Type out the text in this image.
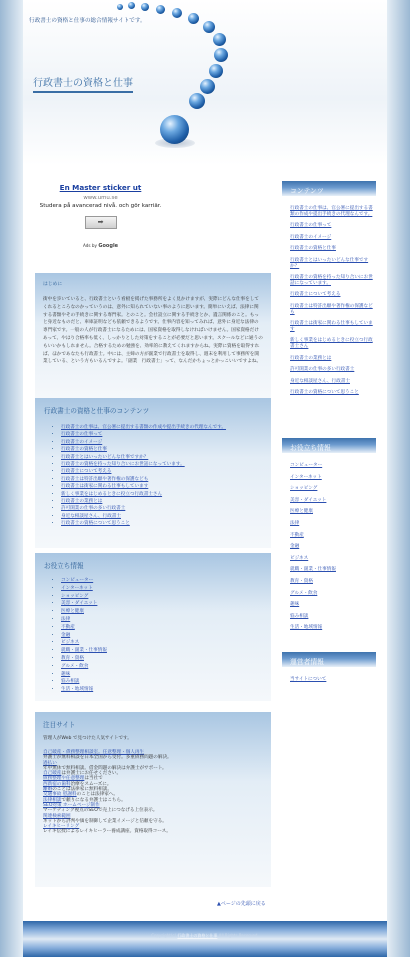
行政書士の資格と仕事の総合情報サイトです。
行政書士の資格と仕事
En Master sticker ut
www.umu.se
Studera på avancerad nivå. och gör karriär.
➡
Ads by Google
はじめに

街中を歩いていると、行政書士という看板を掲げた事務所をよく見かけますが、実際にどんな仕事をしてくれるところなのかっていうのは、意外に知られていない事のように思います。簡単にいえば、法律に関する書類やその手続きに関する専門家。とのこと。会社設立に関する手続きとか、遺言関係のこと。もっと身近なものだと、車庫証明なども依頼できるようです。仕事内容を知ってみれば、意外に身近な法律の専門家です。一般の人が行政書士になるためには、国家資格を取得しなければいけません。国家資格だけあって、やはり合格率も低く、しっかりとした対策をすることが必要だと思います。スクールなどに通うのもいいかもしれません。合格するための勉強を、効率的に教えてくれますからね。実際に資格を取得すれば、ほかであなたも行政書士。中には、主婦の方が副業で行政書士を取得し、週末を利用して事務所を開業している、という方もいるんですよ。「副業　行政書士」って、なんだかちょっとかっこいいですよね。

行政書士の資格と仕事のコンテンツ
• 行政書士の仕事は、官公署に提出する書類の作成や提出手続きの代理なんです。
• 行政書士の仕事って
• 行政書士のイメージ
• 行政書士の資格と仕事
• 行政書士とはいったいどんな仕事ですか？
• 行政書士の資格を持った知り合いにお世話になっています。
• 行政書士について考える
• 行政書士は特許出願や著作権の保護なども
• 行政書士は街家に関わる仕事もしています
• 新しく事業をはじめるときに役立つ行政書士さん
• 行政書士の業務とは
• 許可開業の仕事の多い行政書士
• 身近な相談屋さん、行政書士
• 行政書士の資格について思うこと
お役立ち情報
• コンピューター
• インターネット
• ショッピング
• 美容・ダイエット
• 医療と健康
• 法律
• 不動産
• 金融
• ビジネス
• 就職・副業・仕事情報
• 教育・資格
• グルメ・飲食
• 趣味
• 悩み相談
• 生活・地域情報
注目サイト
管理人がWeb で見つけた人気サイトです。
自己破産・債務整理相談室。任意整理・個人再生
弁護士が無料相談を日本全国から受付。多重債務問題の解決。
過払い
年中無休で無料相談。借金問題の解決は弁護士がサポート。
自己破産は弁護士にお任せください。
債務整理や任意整理は当社で
西新宿の歯科治療をスムーズに。
離婚のことは法律家に無料相談。
交通事故 慰謝料のことは法律家へ。
法律相談で頼りになる弁護士はこちら。
SEO対策 ホームページ制作
マーケティング視点のSEOで売上につなげる上位表示。
関連検索範囲
ネットから評判や価を制御して企業イメージと信頼を守る。
レイキヒーリング
レイキ伝授によるレイキヒーラー養成講座。資格取得コース。
▲ページの先頭に戻る
コンテンツ
行政書士の仕事は、官公署に提出する書類の作成や提出手続きの代理なんです。
行政書士の仕事って
行政書士のイメージ
行政書士の資格と仕事
行政書士とはいったいどんな仕事ですか？
行政書士の資格を持った知り合いにお世話になっています。
行政書士について考える
行政書士は特許出願や著作権の保護なども
行政書士は街家に関わる仕事もしています
新しく事業をはじめるときに役立つ行政書士さん
行政書士の業務とは
許可開業の仕事の多い行政書士
身近な相談屋さん、行政書士
行政書士の資格について思うこと
お役立ち情報
コンピューター
インターネット
ショッピング
美容・ダイエット
医療と健康
法律
不動産
金融
ビジネス
就職・副業・仕事情報
教育・資格
グルメ・飲食
趣味
悩み相談
生活・地域情報
運営者情報
当サイトについて
Copyright(c) 行政書士の資格と仕事 All Rights Reserved.
